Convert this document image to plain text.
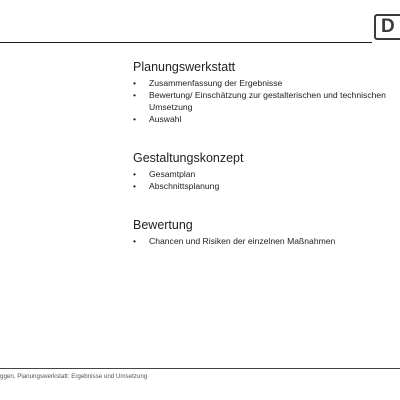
D
Planungswerkstatt
• Zusammenfassung der Ergebnisse
• Bewertung/ Einschätzung zur gestalterischen und technischen Umsetzung
• Auswahl
Gestaltungskonzept
• Gesamtplan
• Abschnittsplanung
Bewertung
• Chancen und Risiken der einzelnen Maßnahmen
ggen, Planungswerkstatt: Ergebnisse und Umsetzung
